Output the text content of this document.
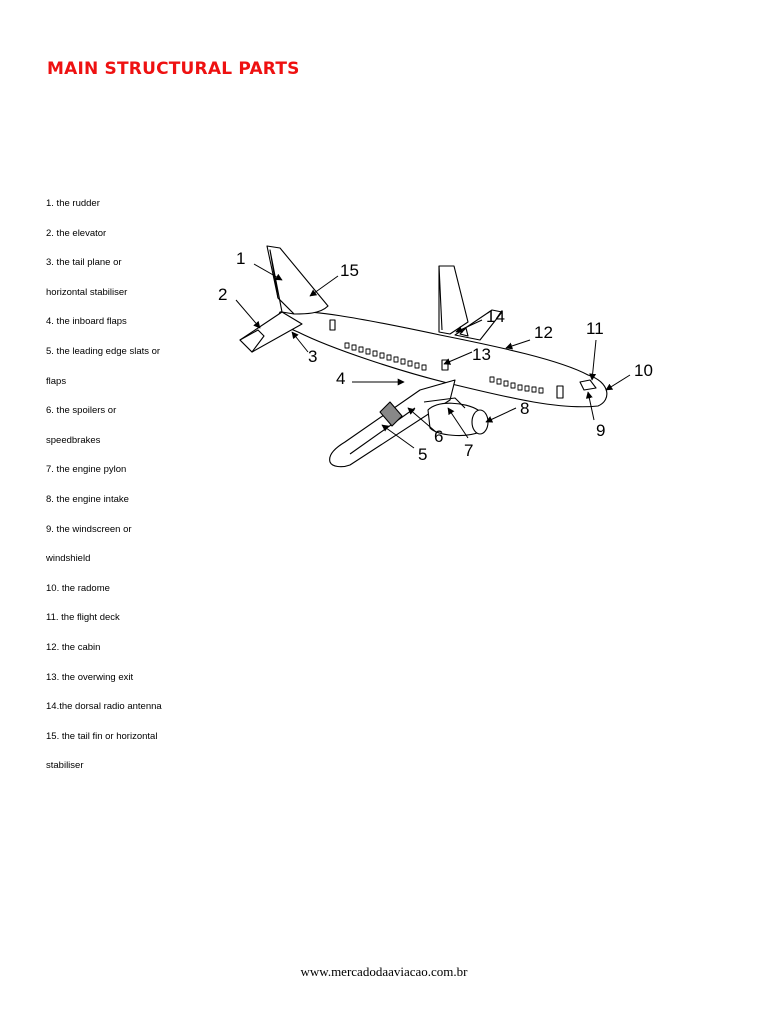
MAIN STRUCTURAL PARTS
1. the rudder
2. the elevator
3. the tail plane or
horizontal stabiliser
4. the inboard flaps
5. the leading edge slats or
flaps
6. the spoilers or
speedbrakes
7. the engine pylon
8. the engine intake
9. the windscreen or
windshield
10. the radome
11. the flight deck
12. the cabin
13. the overwing exit
14.the dorsal radio antenna
15. the tail fin or horizontal
stabiliser
1
2
3
4
5
6
7
8
9
10
11
12
13
14
15
www.mercadodaaviacao.com.br
